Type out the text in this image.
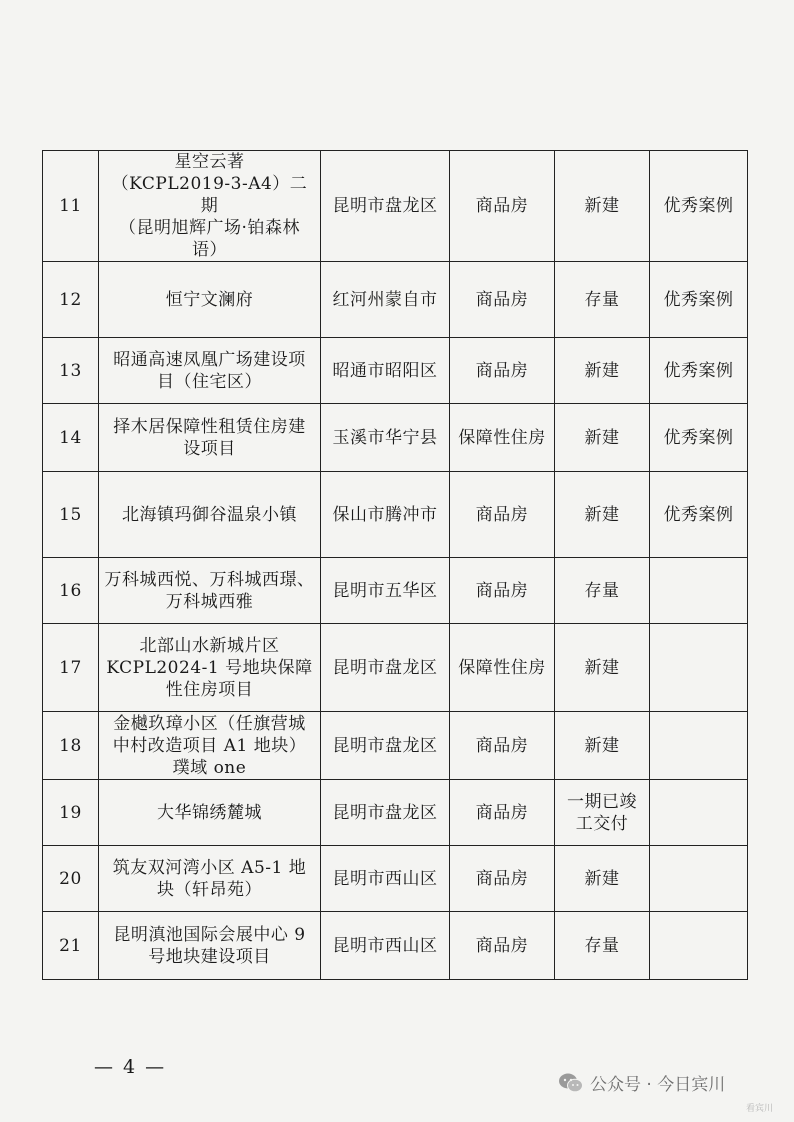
11	星空云著
（KCPL2019-3-A4）二期
（昆明旭辉广场·铂森林
语）	昆明市盘龙区	商品房	新建	优秀案例
12	恒宁文澜府	红河州蒙自市	商品房	存量	优秀案例
13	昭通高速凤凰广场建设项
目（住宅区）	昭通市昭阳区	商品房	新建	优秀案例
14	择木居保障性租赁住房建
设项目	玉溪市华宁县	保障性住房	新建	优秀案例
15	北海镇玛御谷温泉小镇	保山市腾冲市	商品房	新建	优秀案例
16	万科城西悦、万科城西璟、
万科城西雅	昆明市五华区	商品房	存量	
17	北部山水新城片区
KCPL2024-1 号地块保障
性住房项目	昆明市盘龙区	保障性住房	新建	
18	金樾玖璋小区（任旗营城
中村改造项目 A1 地块）
璞域 one	昆明市盘龙区	商品房	新建	
19	大华锦绣麓城	昆明市盘龙区	商品房	一期已竣
工交付	
20	筑友双河湾小区 A5-1 地
块（轩昂苑）	昆明市西山区	商品房	新建	
21	昆明滇池国际会展中心 9
号地块建设项目	昆明市西山区	商品房	存量	
— 4 —
公众号 · 今日宾川
看宾川
